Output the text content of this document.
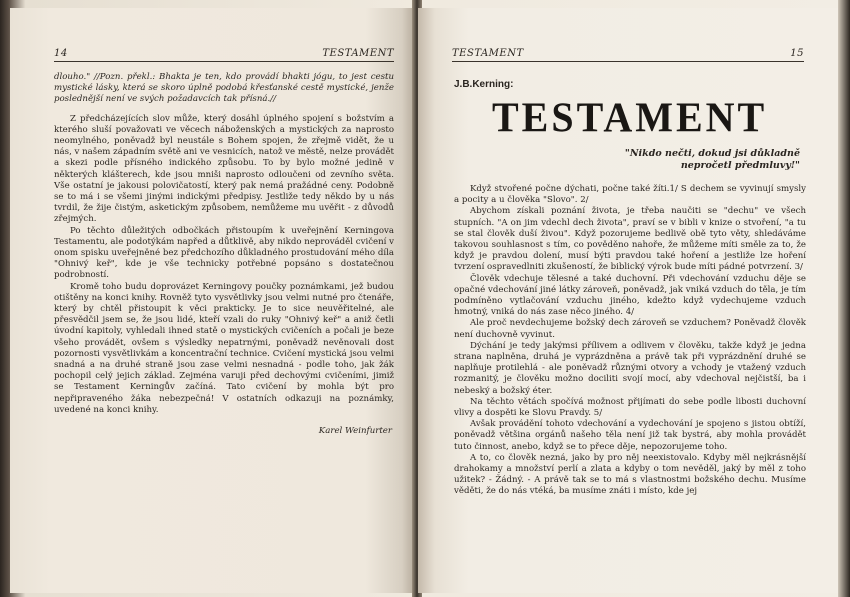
14	TESTAMENT

dlouho." //Pozn. překl.: Bhakta je ten, kdo provádí bhakti jógu, to jest cestu mystické lásky, která se skoro úplně podobá křesťanské cestě mystické, jenže poslednější není ve svých požadavcích tak přísná.//

Z předcházejících slov může, který dosáhl úplného spojení s božstvím a kterého sluší považovati ve věcech náboženských a mystických za naprosto neomylného, poněvadž byl neustále s Bohem spojen, že zřejmě vidět, že u nás, v našem západním světě ani ve vesnicích, natož ve městě, nelze provádět a skezi podle přísného indického způsobu. To by bylo možné jedině v některých klášterech, kde jsou mniši naprosto odloučeni od zevního světa. Vše ostatní je jakousi polovičatostí, který pak nemá pražádné ceny. Podobně se to má i se všemi jinými indickými předpisy. Jestliže tedy někdo by u nás tvrdil, že žije čistým, asketickým způsobem, nemůžeme mu uvěřit - z důvodů zřejmých.

Po těchto důležitých odbočkách přistoupím k uveřejnění Kerningova Testamentu, ale podotýkám napřed a důtklivě, aby nikdo neprováděl cvičení v onom spisku uveřejněné bez předchozího důkladného prostudování mého díla "Ohnivý keř", kde je vše technicky potřebné popsáno s dostatečnou podrobností.

Kromě toho budu doprovázet Kerningovy poučky poznámkami, jež budou otištěny na konci knihy. Rovněž tyto vysvětlivky jsou velmi nutné pro čtenáře, který by chtěl přistoupit k věci prakticky. Je to sice neuvěřitelné, ale přesvědčil jsem se, že jsou lidé, kteří vzali do ruky "Ohnivý keř" a aniž četli úvodní kapitoly, vyhledali ihned statě o mystických cvičeních a počali je beze všeho provádět, ovšem s výsledky nepatrnými, poněvadž nevěnovali dost pozornosti vysvětlivkám a koncentrační technice. Cvičení mystická jsou velmi snadná a na druhé straně jsou zase velmi nesnadná - podle toho, jak žák pochopil celý jejich základ. Zejména varuji před dechovými cvičeními, jimiž se Testament Kerningův začíná. Tato cvičení by mohla být pro nepřipraveného žáka nebezpečná! V ostatních odkazuji na poznámky, uvedené na konci knihy.

Karel Weinfurter
TESTAMENT	15
J.B.Kerning:
TESTAMENT
"Nikdo nečti, dokud jsi důkladně nepročetl předmluvy!"

Když stvořené počne dýchati, počne také žíti.1/ S dechem se vyvinují smysly a pocity a u člověka "Slovo". 2/

Abychom získali poznání života, je třeba naučiti se "dechu" ve všech stupních. "A on jim vdechl dech života", praví se v bibli v knize o stvoření, "a tu se stal člověk duší živou". Když pozorujeme bedlivě obě tyto věty, shledáváme takovou souhlasnost s tím, co pověděno nahoře, že můžeme míti směle za to, že když je pravdou dolení, musí býti pravdou také hoření a jestliže lze hoření tvrzení ospravedlniti zkušeností, že biblický výrok bude míti pádné potvrzení. 3/

Člověk vdechuje tělesné a také duchovní. Při vdechování vzduchu děje se opačné vdechování jiné látky zároveň, poněvadž, jak vniká vzduch do těla, je tím podmíněno vytlačování vzduchu jiného, kdežto když vydechujeme vzduch hmotný, vniká do nás zase něco jiného. 4/

Ale proč nevdechujeme božský dech zároveň se vzduchem? Poněvadž člověk není duchovně vyvinut.

Dýchání je tedy jakýmsi přílivem a odlivem v člověku, takže když je jedna strana naplněna, druhá je vyprázdněna a právě tak při vyprázdnění druhé se naplňuje protilehlá - ale poněvadž různými otvory a vchody je vtažený vzduch rozmanitý, je člověku možno dociliti svojí mocí, aby vdechoval nejčistší, ba i nebeský a božský éter.

Na těchto větách spočívá možnost přijímati do sebe podle libosti duchovní vlivy a dospěti ke Slovu Pravdy. 5/

Avšak provádění tohoto vdechování a vydechování je spojeno s jistou obtíží, poněvadž většina orgánů našeho těla není již tak bystrá, aby mohla provádět tuto činnost, anebo, když se to přece děje, nepozorujeme toho.

A to, co člověk nezná, jako by pro něj neexistovalo. Kdyby měl nejkrásnější drahokamy a množství perlí a zlata a kdyby o tom nevěděl, jaký by měl z toho užitek? - Žádný. - A právě tak se to má s vlastnostmi božského dechu. Musíme věděti, že do nás vtéká, ba musíme znáti i místo, kde jej
